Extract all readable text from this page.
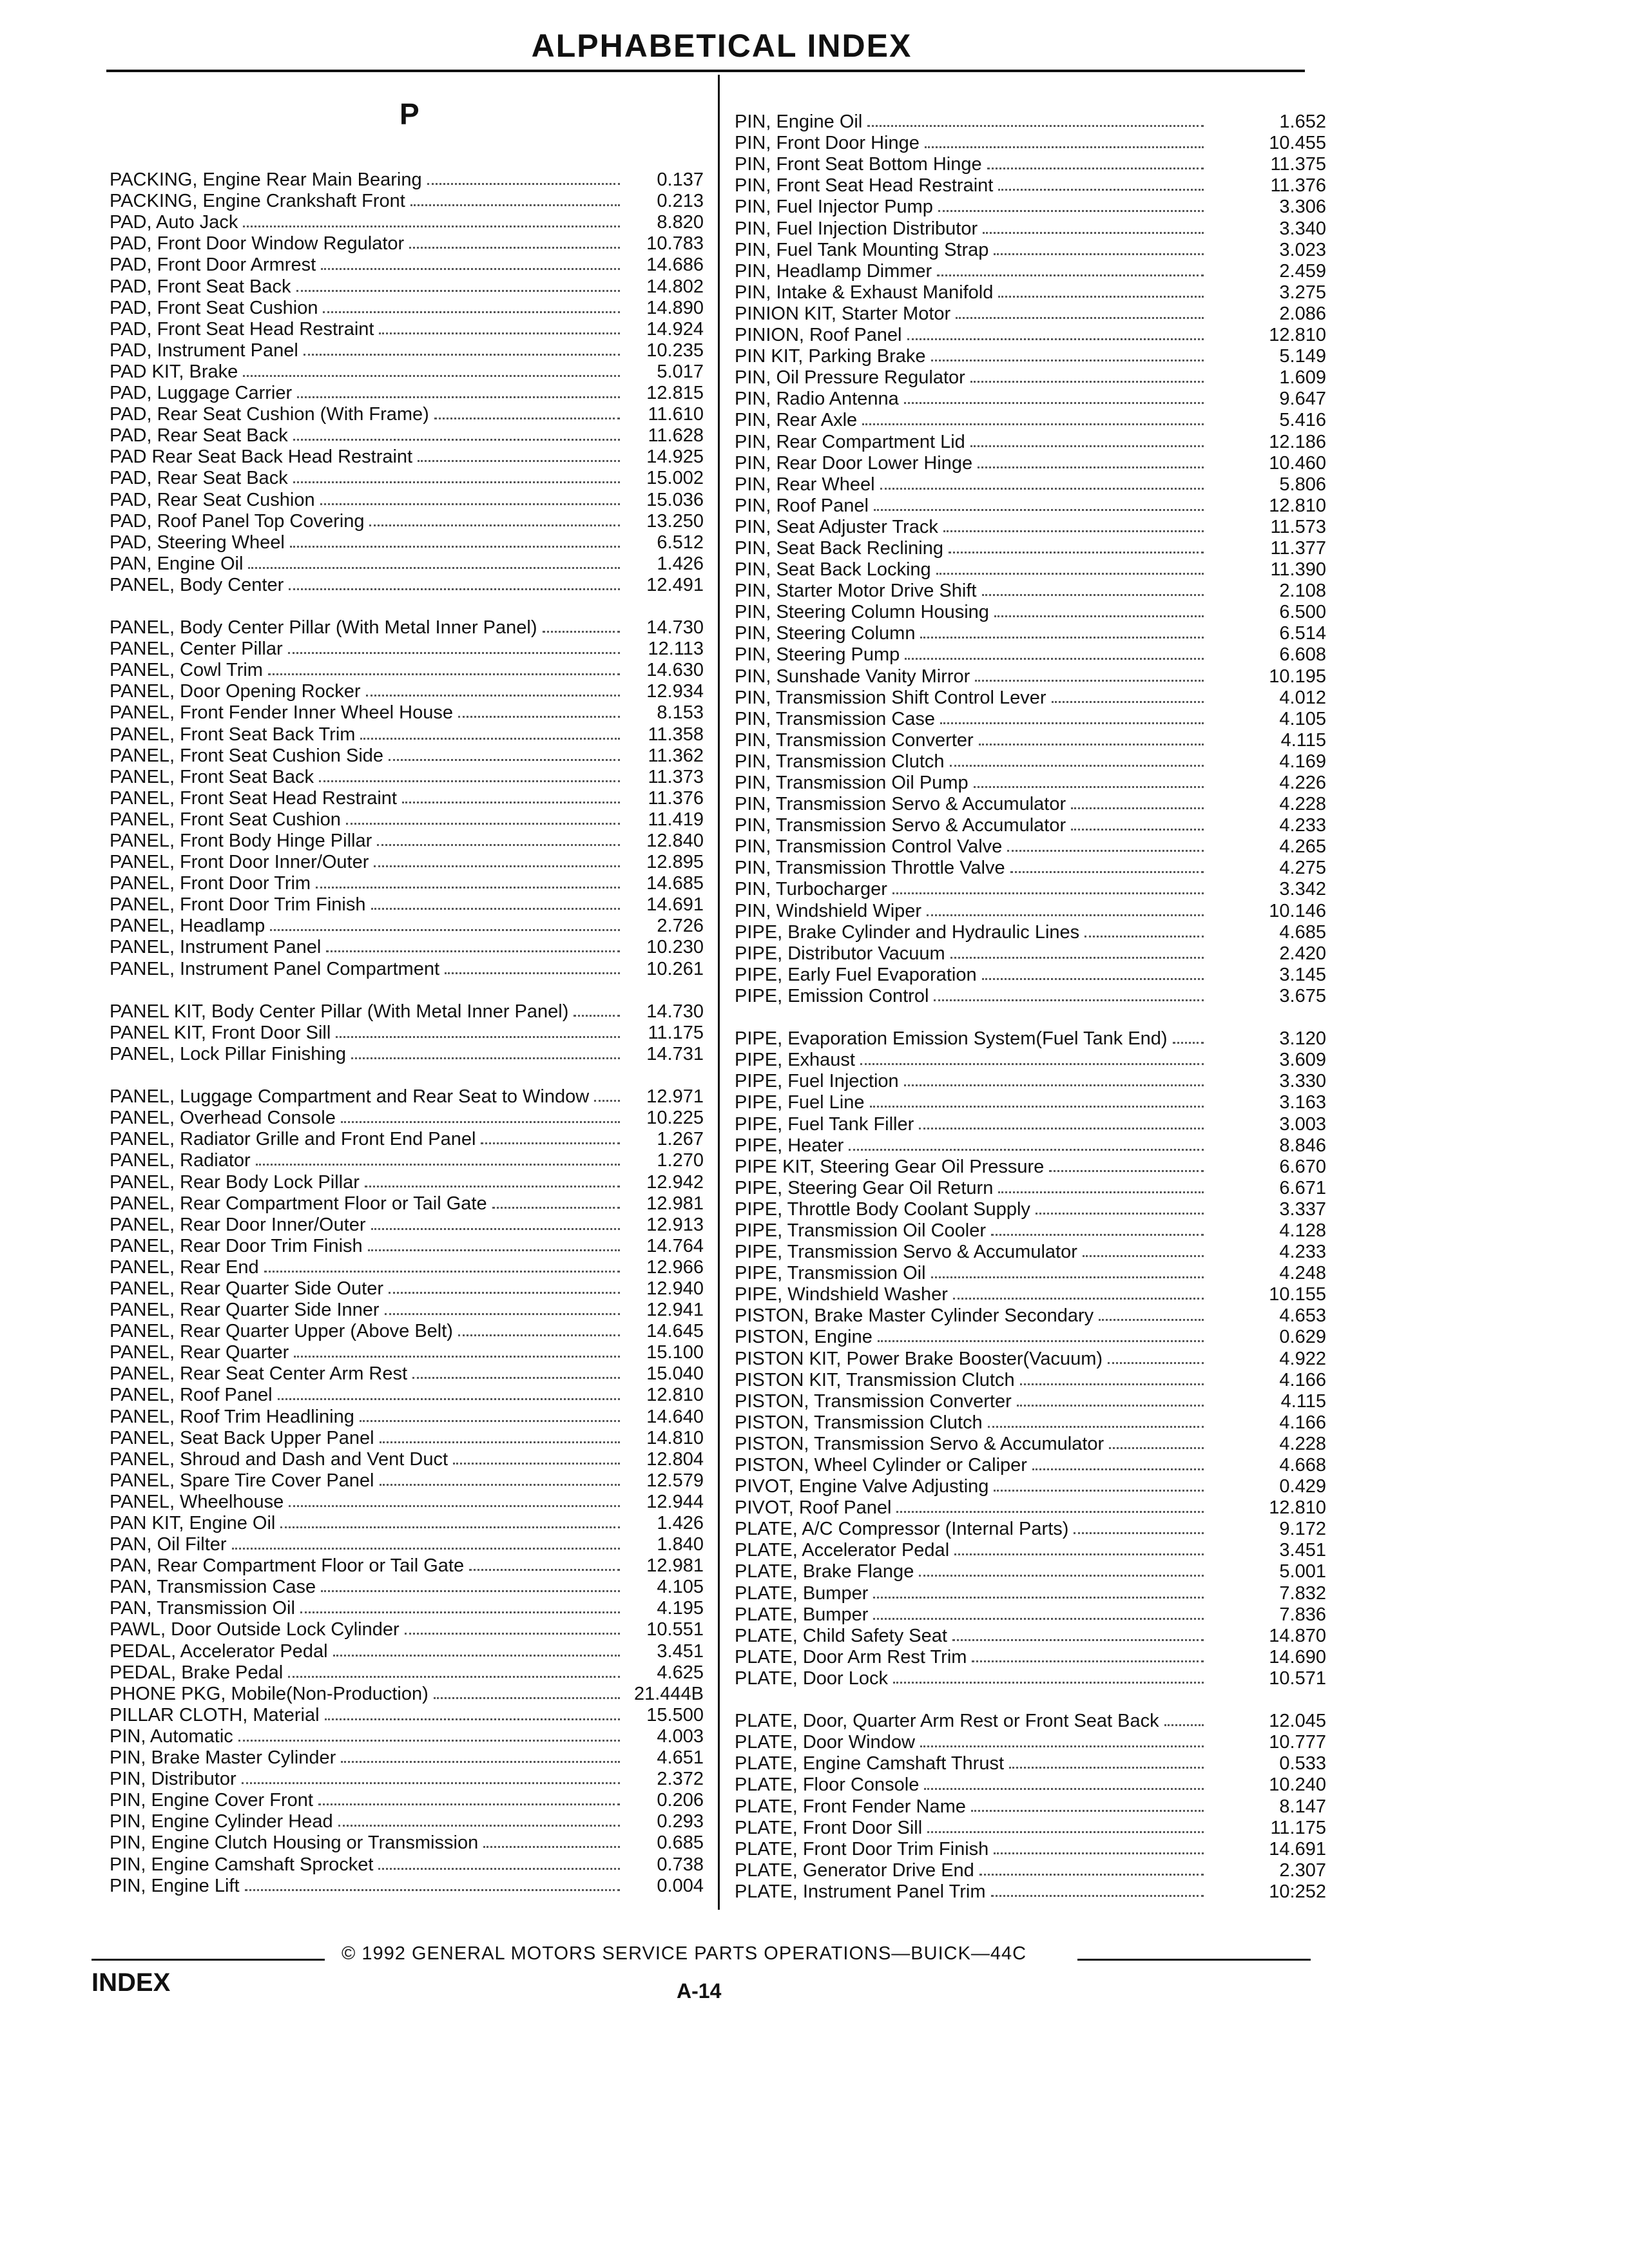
ALPHABETICAL INDEX
P
PACKING, Engine Rear Main Bearing	0.137
PACKING, Engine Crankshaft Front	0.213
PAD, Auto Jack	8.820
PAD, Front Door Window Regulator	10.783
PAD, Front Door Armrest	14.686
PAD, Front Seat Back	14.802
PAD, Front Seat Cushion	14.890
PAD, Front Seat Head Restraint	14.924
PAD, Instrument Panel	10.235
PAD KIT, Brake	5.017
PAD, Luggage Carrier	12.815
PAD, Rear Seat Cushion (With Frame)	11.610
PAD, Rear Seat Back	11.628
PAD Rear Seat Back Head Restraint	14.925
PAD, Rear Seat Back	15.002
PAD, Rear Seat Cushion	15.036
PAD, Roof Panel Top Covering	13.250
PAD, Steering Wheel	6.512
PAN, Engine Oil	1.426
PANEL, Body Center	12.491
PANEL, Body Center Pillar (With Metal Inner Panel)	14.730
PANEL, Center Pillar	12.113
PANEL, Cowl Trim	14.630
PANEL, Door Opening Rocker	12.934
PANEL, Front Fender Inner Wheel House	8.153
PANEL, Front Seat Back Trim	11.358
PANEL, Front Seat Cushion Side	11.362
PANEL, Front Seat Back	11.373
PANEL, Front Seat Head Restraint	11.376
PANEL, Front Seat Cushion	11.419
PANEL, Front Body Hinge Pillar	12.840
PANEL, Front Door Inner/Outer	12.895
PANEL, Front Door Trim	14.685
PANEL, Front Door Trim Finish	14.691
PANEL, Headlamp	2.726
PANEL, Instrument Panel	10.230
PANEL, Instrument Panel Compartment	10.261
PANEL KIT, Body Center Pillar (With Metal Inner Panel)	14.730
PANEL KIT, Front Door Sill	11.175
PANEL, Lock Pillar Finishing	14.731
PANEL, Luggage Compartment and Rear Seat to Window	12.971
PANEL, Overhead Console	10.225
PANEL, Radiator Grille and Front End Panel	1.267
PANEL, Radiator	1.270
PANEL, Rear Body Lock Pillar	12.942
PANEL, Rear Compartment Floor or Tail Gate	12.981
PANEL, Rear Door Inner/Outer	12.913
PANEL, Rear Door Trim Finish	14.764
PANEL, Rear End	12.966
PANEL, Rear Quarter Side Outer	12.940
PANEL, Rear Quarter Side Inner	12.941
PANEL, Rear Quarter Upper (Above Belt)	14.645
PANEL, Rear Quarter	15.100
PANEL, Rear Seat Center Arm Rest	15.040
PANEL, Roof Panel	12.810
PANEL, Roof Trim Headlining	14.640
PANEL, Seat Back Upper Panel	14.810
PANEL, Shroud and Dash and Vent Duct	12.804
PANEL, Spare Tire Cover Panel	12.579
PANEL, Wheelhouse	12.944
PAN KIT, Engine Oil	1.426
PAN, Oil Filter	1.840
PAN, Rear Compartment Floor or Tail Gate	12.981
PAN, Transmission Case	4.105
PAN, Transmission Oil	4.195
PAWL, Door Outside Lock Cylinder	10.551
PEDAL, Accelerator Pedal	3.451
PEDAL, Brake Pedal	4.625
PHONE PKG, Mobile(Non-Production)	21.444B
PILLAR CLOTH, Material	15.500
PIN, Automatic	4.003
PIN, Brake Master Cylinder	4.651
PIN, Distributor	2.372
PIN, Engine Cover Front	0.206
PIN, Engine Cylinder Head	0.293
PIN, Engine Clutch Housing or Transmission	0.685
PIN, Engine Camshaft Sprocket	0.738
PIN, Engine Lift	0.004
PIN, Engine Oil	1.652
PIN, Front Door Hinge	10.455
PIN, Front Seat Bottom Hinge	11.375
PIN, Front Seat Head Restraint	11.376
PIN, Fuel Injector Pump	3.306
PIN, Fuel Injection Distributor	3.340
PIN, Fuel Tank Mounting Strap	3.023
PIN, Headlamp Dimmer	2.459
PIN, Intake & Exhaust Manifold	3.275
PINION KIT, Starter Motor	2.086
PINION, Roof Panel	12.810
PIN KIT, Parking Brake	5.149
PIN, Oil Pressure Regulator	1.609
PIN, Radio Antenna	9.647
PIN, Rear Axle	5.416
PIN, Rear Compartment Lid	12.186
PIN, Rear Door Lower Hinge	10.460
PIN, Rear Wheel	5.806
PIN, Roof Panel	12.810
PIN, Seat Adjuster Track	11.573
PIN, Seat Back Reclining	11.377
PIN, Seat Back Locking	11.390
PIN, Starter Motor Drive Shift	2.108
PIN, Steering Column Housing	6.500
PIN, Steering Column	6.514
PIN, Steering Pump	6.608
PIN, Sunshade Vanity Mirror	10.195
PIN, Transmission Shift Control Lever	4.012
PIN, Transmission Case	4.105
PIN, Transmission Converter	4.115
PIN, Transmission Clutch	4.169
PIN, Transmission Oil Pump	4.226
PIN, Transmission Servo & Accumulator	4.228
PIN, Transmission Servo & Accumulator	4.233
PIN, Transmission Control Valve	4.265
PIN, Transmission Throttle Valve	4.275
PIN, Turbocharger	3.342
PIN, Windshield Wiper	10.146
PIPE, Brake Cylinder and Hydraulic Lines	4.685
PIPE, Distributor Vacuum	2.420
PIPE, Early Fuel Evaporation	3.145
PIPE, Emission Control	3.675
PIPE, Evaporation Emission System(Fuel Tank End)	3.120
PIPE, Exhaust	3.609
PIPE, Fuel Injection	3.330
PIPE, Fuel Line	3.163
PIPE, Fuel Tank Filler	3.003
PIPE, Heater	8.846
PIPE KIT, Steering Gear Oil Pressure	6.670
PIPE, Steering Gear Oil Return	6.671
PIPE, Throttle Body Coolant Supply	3.337
PIPE, Transmission Oil Cooler	4.128
PIPE, Transmission Servo & Accumulator	4.233
PIPE, Transmission Oil	4.248
PIPE, Windshield Washer	10.155
PISTON, Brake Master Cylinder Secondary	4.653
PISTON, Engine	0.629
PISTON KIT, Power Brake Booster(Vacuum)	4.922
PISTON KIT, Transmission Clutch	4.166
PISTON, Transmission Converter	4.115
PISTON, Transmission Clutch	4.166
PISTON, Transmission Servo & Accumulator	4.228
PISTON, Wheel Cylinder or Caliper	4.668
PIVOT, Engine Valve Adjusting	0.429
PIVOT, Roof Panel	12.810
PLATE, A/C Compressor (Internal Parts)	9.172
PLATE, Accelerator Pedal	3.451
PLATE, Brake Flange	5.001
PLATE, Bumper	7.832
PLATE, Bumper	7.836
PLATE, Child Safety Seat	14.870
PLATE, Door Arm Rest Trim	14.690
PLATE, Door Lock	10.571
PLATE, Door, Quarter Arm Rest or Front Seat Back	12.045
PLATE, Door Window	10.777
PLATE, Engine Camshaft Thrust	0.533
PLATE, Floor Console	10.240
PLATE, Front Fender Name	8.147
PLATE, Front Door Sill	11.175
PLATE, Front Door Trim Finish	14.691
PLATE, Generator Drive End	2.307
PLATE, Instrument Panel Trim	10:252
© 1992 GENERAL MOTORS SERVICE PARTS OPERATIONS—BUICK—44C
INDEX	A-14
